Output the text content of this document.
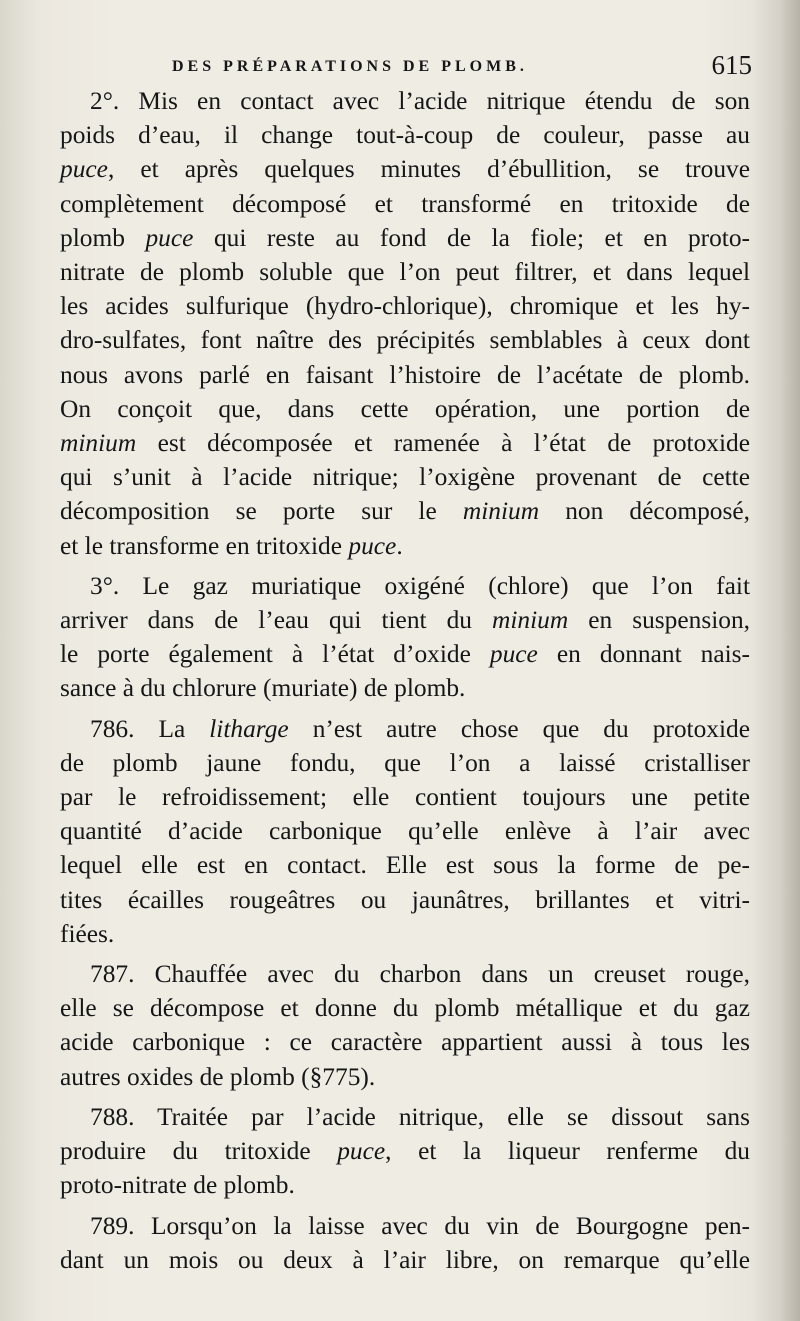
DES PRÉPARATIONS DE PLOMB.	615
2°. Mis en contact avec l’acide nitrique étendu de son
poids d’eau, il change tout-à-coup de couleur, passe au
puce, et après quelques minutes d’ébullition, se trouve
complètement décomposé et transformé en tritoxide de
plomb puce qui reste au fond de la fiole; et en proto-
nitrate de plomb soluble que l’on peut filtrer, et dans lequel
les acides sulfurique (hydro-chlorique), chromique et les hy-
dro-sulfates, font naître des précipités semblables à ceux dont
nous avons parlé en faisant l’histoire de l’acétate de plomb.
On conçoit que, dans cette opération, une portion de
minium est décomposée et ramenée à l’état de protoxide
qui s’unit à l’acide nitrique; l’oxigène provenant de cette
décomposition se porte sur le minium non décomposé,
et le transforme en tritoxide puce.
3°. Le gaz muriatique oxigéné (chlore) que l’on fait
arriver dans de l’eau qui tient du minium en suspension,
le porte également à l’état d’oxide puce en donnant nais-
sance à du chlorure (muriate) de plomb.
786. La litharge n’est autre chose que du protoxide
de plomb jaune fondu, que l’on a laissé cristalliser
par le refroidissement; elle contient toujours une petite
quantité d’acide carbonique qu’elle enlève à l’air avec
lequel elle est en contact. Elle est sous la forme de pe-
tites écailles rougeâtres ou jaunâtres, brillantes et vitri-
fiées.
787. Chauffée avec du charbon dans un creuset rouge,
elle se décompose et donne du plomb métallique et du gaz
acide carbonique : ce caractère appartient aussi à tous les
autres oxides de plomb (§775).
788. Traitée par l’acide nitrique, elle se dissout sans
produire du tritoxide puce, et la liqueur renferme du
proto-nitrate de plomb.
789. Lorsqu’on la laisse avec du vin de Bourgogne pen-
dant un mois ou deux à l’air libre, on remarque qu’elle
